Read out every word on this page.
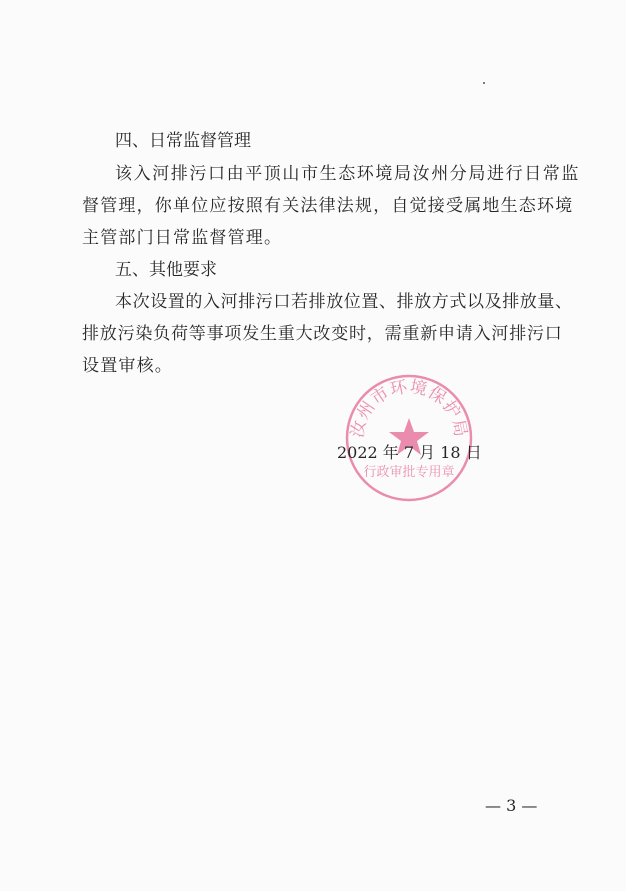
四、日常监督管理
该入河排污口由平顶山市生态环境局汝州分局进行日常监
督管理，你单位应按照有关法律法规，自觉接受属地生态环境
主管部门日常监督管理。
五、其他要求
本次设置的入河排污口若排放位置、排放方式以及排放量、
排放污染负荷等事项发生重大改变时，需重新申请入河排污口
设置审核。
汝州市环境保护局
行政审批专用章
2022 年 7 月 18 日
— 3 —
